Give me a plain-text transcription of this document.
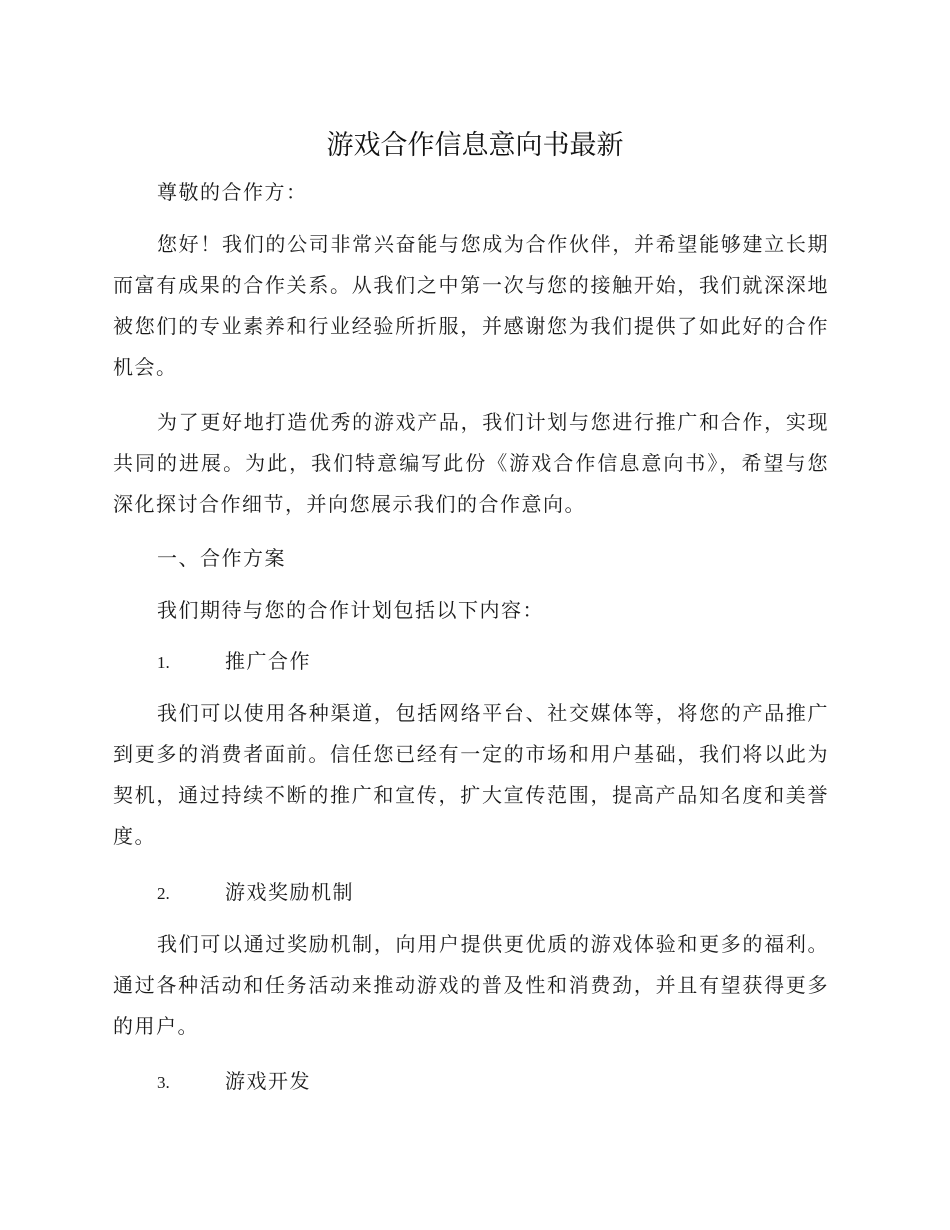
游戏合作信息意向书最新

尊敬的合作方：

您好！我们的公司非常兴奋能与您成为合作伙伴，并希望能够建立长期
而富有成果的合作关系。从我们之中第一次与您的接触开始，我们就深深地
被您们的专业素养和行业经验所折服，并感谢您为我们提供了如此好的合作
机会。
为了更好地打造优秀的游戏产品，我们计划与您进行推广和合作，实现
共同的进展。为此，我们特意编写此份《游戏合作信息意向书》，希望与您
深化探讨合作细节，并向您展示我们的合作意向。

一、合作方案

我们期待与您的合作计划包括以下内容：

1.	推广合作

我们可以使用各种渠道，包括网络平台、社交媒体等，将您的产品推广
到更多的消费者面前。信任您已经有一定的市场和用户基础，我们将以此为
契机，通过持续不断的推广和宣传，扩大宣传范围，提高产品知名度和美誉
度。

2.	游戏奖励机制

我们可以通过奖励机制，向用户提供更优质的游戏体验和更多的福利。
通过各种活动和任务活动来推动游戏的普及性和消费劲，并且有望获得更多
的用户。

3.	游戏开发
